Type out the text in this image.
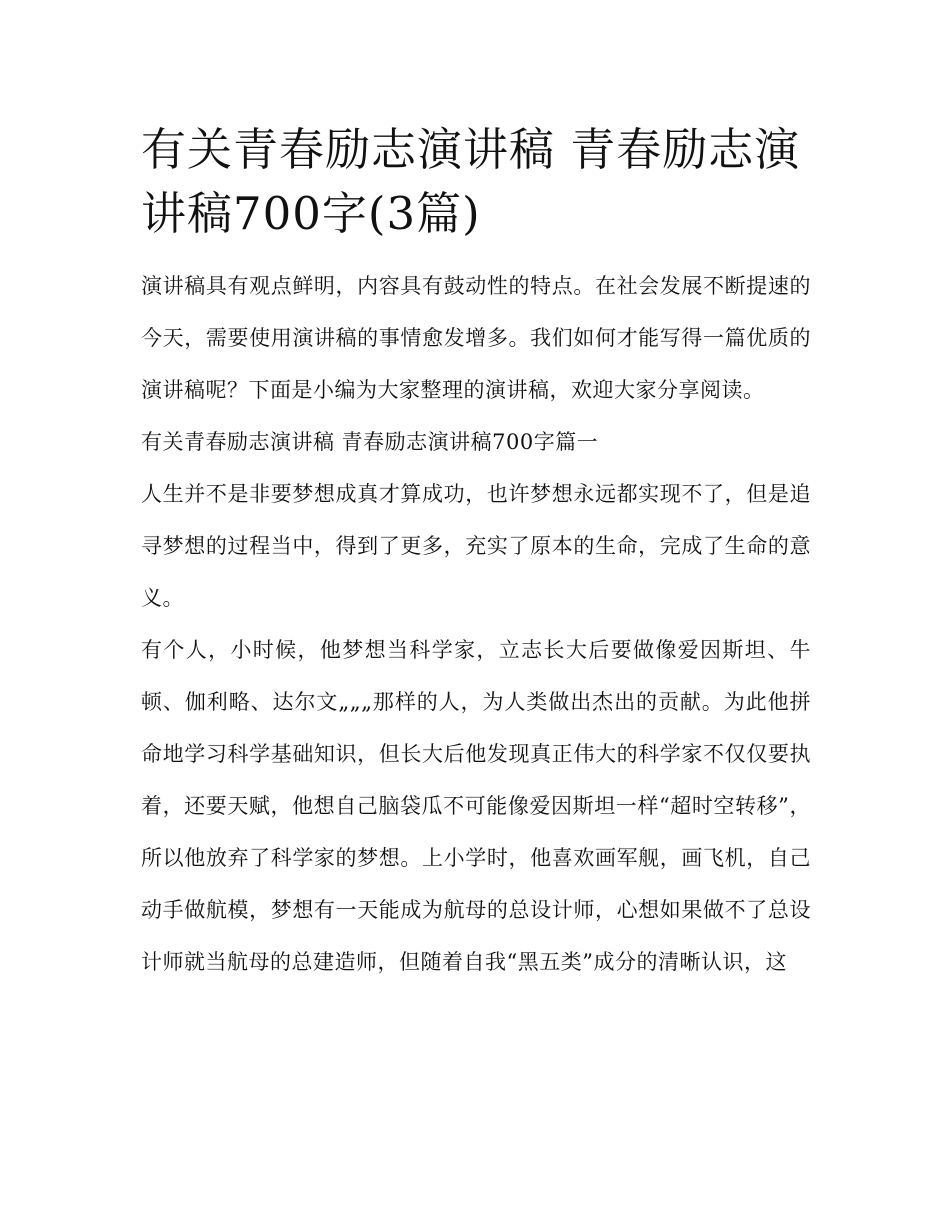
有关青春励志演讲稿 青春励志演讲稿700字(3篇)

演讲稿具有观点鲜明，内容具有鼓动性的特点。在社会发展不断提速的今天，需要使用演讲稿的事情愈发增多。我们如何才能写得一篇优质的演讲稿呢？下面是小编为大家整理的演讲稿，欢迎大家分享阅读。

有关青春励志演讲稿 青春励志演讲稿700字篇一

人生并不是非要梦想成真才算成功，也许梦想永远都实现不了，但是追寻梦想的过程当中，得到了更多，充实了原本的生命，完成了生命的意义。

有个人，小时候，他梦想当科学家，立志长大后要做像爱因斯坦、牛顿、伽利略、达尔文„„„那样的人，为人类做出杰出的贡献。为此他拼命地学习科学基础知识，但长大后他发现真正伟大的科学家不仅仅要执着，还要天赋，他想自己脑袋瓜不可能像爱因斯坦一样“超时空转移”，所以他放弃了科学家的梦想。上小学时，他喜欢画军舰，画飞机，自己动手做航模，梦想有一天能成为航母的总设计师，心想如果做不了总设计师就当航母的总建造师，但随着自我“黑五类”成分的清晰认识，这
